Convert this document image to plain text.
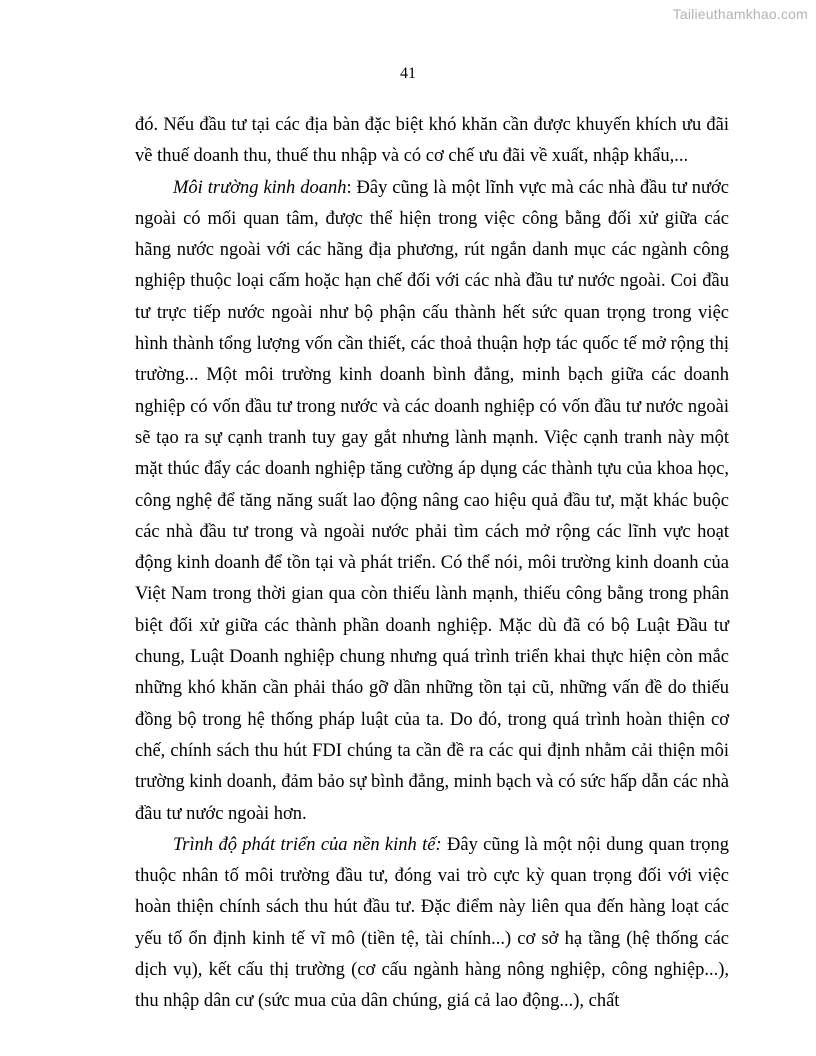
Tailieuthamkhao.com
41

đó. Nếu đầu tư tại các địa bàn đặc biệt khó khăn cần được khuyến khích ưu đãi về thuế doanh thu, thuế thu nhập và có cơ chế ưu đãi về xuất, nhập khẩu,...

Môi trường kinh doanh: Đây cũng là một lĩnh vực mà các nhà đầu tư nước ngoài có mối quan tâm, được thể hiện trong việc công bằng đối xử giữa các hãng nước ngoài với các hãng địa phương, rút ngắn danh mục các ngành công nghiệp thuộc loại cấm hoặc hạn chế đối với các nhà đầu tư nước ngoài. Coi đầu tư trực tiếp nước ngoài như bộ phận cấu thành hết sức quan trọng trong việc hình thành tổng lượng vốn cần thiết, các thoả thuận hợp tác quốc tế mở rộng thị trường... Một môi trường kinh doanh bình đẳng, minh bạch giữa các doanh nghiệp có vốn đầu tư trong nước và các doanh nghiệp có vốn đầu tư nước ngoài sẽ tạo ra sự cạnh tranh tuy gay gắt nhưng lành mạnh. Việc cạnh tranh này một mặt thúc đẩy các doanh nghiệp tăng cường áp dụng các thành tựu của khoa học, công nghệ để tăng năng suất lao động nâng cao hiệu quả đầu tư, mặt khác buộc các nhà đầu tư trong và ngoài nước phải tìm cách mở rộng các lĩnh vực hoạt động kinh doanh để tồn tại và phát triển. Có thể nói, môi trường kinh doanh của Việt Nam trong thời gian qua còn thiếu lành mạnh, thiếu công bằng trong phân biệt đối xử giữa các thành phần doanh nghiệp. Mặc dù đã có bộ Luật Đầu tư chung, Luật Doanh nghiệp chung nhưng quá trình triển khai thực hiện còn mắc những khó khăn cần phải tháo gỡ dần những tồn tại cũ, những vấn đề do thiếu đồng bộ trong hệ thống pháp luật của ta. Do đó, trong quá trình hoàn thiện cơ chế, chính sách thu hút FDI chúng ta cần đề ra các qui định nhằm cải thiện môi trường kinh doanh, đảm bảo sự bình đẳng, minh bạch và có sức hấp dẫn các nhà đầu tư nước ngoài hơn.

Trình độ phát triển của nền kinh tế: Đây cũng là một nội dung quan trọng thuộc nhân tố môi trường đầu tư, đóng vai trò cực kỳ quan trọng đối với việc hoàn thiện chính sách thu hút đầu tư. Đặc điểm này liên qua đến hàng loạt các yếu tố ổn định kinh tế vĩ mô (tiền tệ, tài chính...) cơ sở hạ tầng (hệ thống các dịch vụ), kết cấu thị trường (cơ cấu ngành hàng nông nghiệp, công nghiệp...), thu nhập dân cư (sức mua của dân chúng, giá cả lao động...), chất
